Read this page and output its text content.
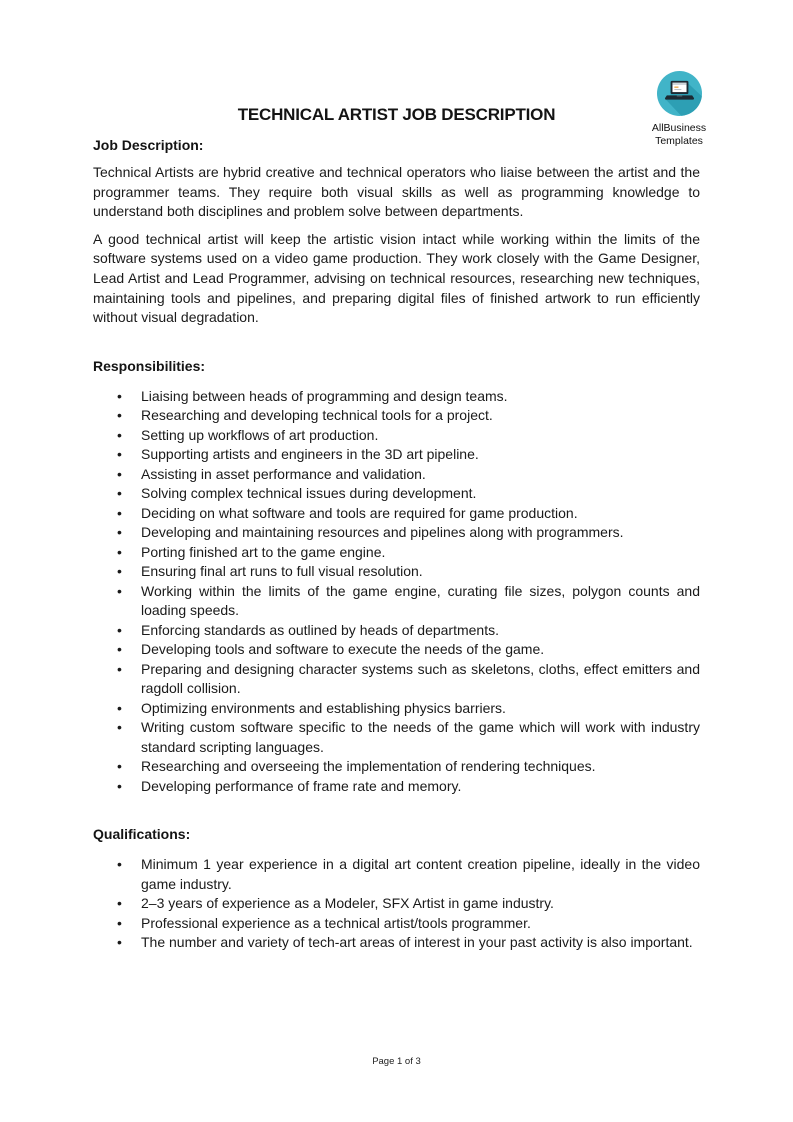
AllBusiness
Templates
TECHNICAL ARTIST JOB DESCRIPTION
Job Description:

Technical Artists are hybrid creative and technical operators who liaise between the artist and the programmer teams. They require both visual skills as well as programming knowledge to understand both disciplines and problem solve between departments.

A good technical artist will keep the artistic vision intact while working within the limits of the software systems used on a video game production. They work closely with the Game Designer, Lead Artist and Lead Programmer, advising on technical resources, researching new techniques, maintaining tools and pipelines, and preparing digital files of finished artwork to run efficiently without visual degradation.

Responsibilities:
• Liaising between heads of programming and design teams.
• Researching and developing technical tools for a project.
• Setting up workflows of art production.
• Supporting artists and engineers in the 3D art pipeline.
• Assisting in asset performance and validation.
• Solving complex technical issues during development.
• Deciding on what software and tools are required for game production.
• Developing and maintaining resources and pipelines along with programmers.
• Porting finished art to the game engine.
• Ensuring final art runs to full visual resolution.
• Working within the limits of the game engine, curating file sizes, polygon counts and loading speeds.
• Enforcing standards as outlined by heads of departments.
• Developing tools and software to execute the needs of the game.
• Preparing and designing character systems such as skeletons, cloths, effect emitters and ragdoll collision.
• Optimizing environments and establishing physics barriers.
• Writing custom software specific to the needs of the game which will work with industry standard scripting languages.
• Researching and overseeing the implementation of rendering techniques.
• Developing performance of frame rate and memory.
Qualifications:
• Minimum 1 year experience in a digital art content creation pipeline, ideally in the video game industry.
• 2–3 years of experience as a Modeler, SFX Artist in game industry.
• Professional experience as a technical artist/tools programmer.
• The number and variety of tech-art areas of interest in your past activity is also important.
Page 1 of 3
